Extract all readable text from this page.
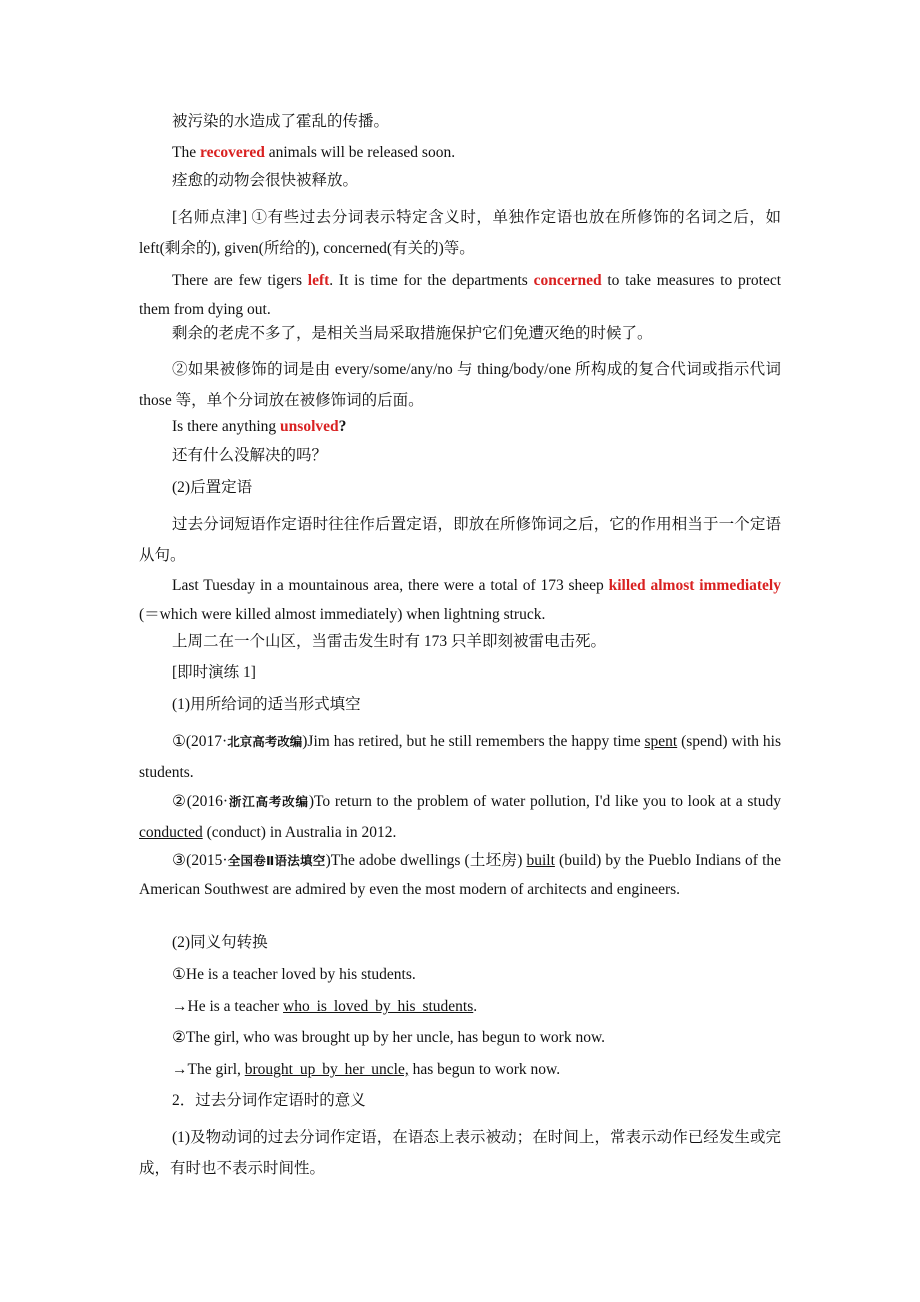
被污染的水造成了霍乱的传播。

The recovered animals will be released soon.

痊愈的动物会很快被释放。

[名师点津] ①有些过去分词表示特定含义时，单独作定语也放在所修饰的名词之后，如 left(剩余的), given(所给的), concerned(有关的)等。

There are few tigers left. It is time for the departments concerned to take measures to protect them from dying out.

剩余的老虎不多了，是相关当局采取措施保护它们免遭灭绝的时候了。

②如果被修饰的词是由 every/some/any/no 与 thing/body/one 所构成的复合代词或指示代词 those 等，单个分词放在被修饰词的后面。

Is there anything unsolved?

还有什么没解决的吗？

(2)后置定语

过去分词短语作定语时往往作后置定语，即放在所修饰词之后，它的作用相当于一个定语从句。

Last Tuesday in a mountainous area, there were a total of 173 sheep killed almost immediately (＝which were killed almost immediately) when lightning struck.

上周二在一个山区，当雷击发生时有 173 只羊即刻被雷电击死。

[即时演练 1]

(1)用所给词的适当形式填空

①(2017·北京高考改编)Jim has retired, but he still remembers the happy time spent (spend) with his students.

②(2016·浙江高考改编)To return to the problem of water pollution, I'd like you to look at a study conducted (conduct) in Australia in 2012.

③(2015·全国卷Ⅱ语法填空)The adobe dwellings (土坯房) built (build) by the Pueblo Indians of the American Southwest are admired by even the most modern of architects and engineers.

(2)同义句转换

①He is a teacher loved by his students.

→He is a teacher who is loved by his students.

②The girl, who was brought up by her uncle, has begun to work now.

→The girl, brought up by her uncle, has begun to work now.

2．过去分词作定语时的意义

(1)及物动词的过去分词作定语，在语态上表示被动；在时间上，常表示动作已经发生或完成，有时也不表示时间性。
